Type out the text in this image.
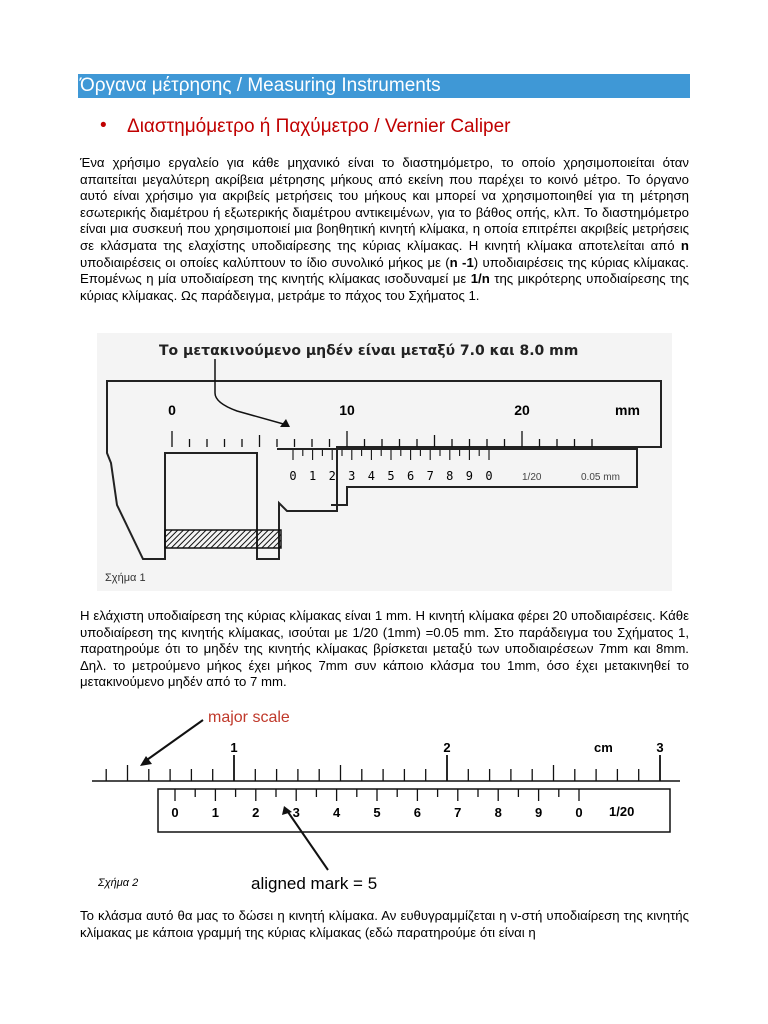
Όργανα μέτρησης / Measuring Instruments
• Διαστημόμετρο ή Παχύμετρο / Vernier Caliper
Ένα χρήσιμο εργαλείο για κάθε μηχανικό είναι το διαστημόμετρο, το οποίο χρησιμοποιείται όταν απαιτείται μεγαλύτερη ακρίβεια μέτρησης μήκους από εκείνη που παρέχει το κοινό μέτρο. Το όργανο αυτό είναι χρήσιμο για ακριβείς μετρήσεις του μήκους και μπορεί να χρησιμοποιηθεί για τη μέτρηση εσωτερικής διαμέτρου ή εξωτερικής διαμέτρου αντικειμένων, για το βάθος οπής, κλπ. Το διαστημόμετρο είναι μια συσκευή που χρησιμοποιεί μια βοηθητική κινητή κλίμακα, η οποία επιτρέπει ακριβείς μετρήσεις σε κλάσματα της ελαχίστης υποδιαίρεσης της κύριας κλίμακας. Η κινητή κλίμακα αποτελείται από n υποδιαιρέσεις οι οποίες καλύπτουν το ίδιο συνολικό μήκος με (n -1) υποδιαιρέσεις της κύριας κλίμακας. Επομένως η μία υποδιαίρεση της κινητής κλίμακας ισοδυναμεί με 1/n της μικρότερης υποδιαίρεσης της κύριας κλίμακας. Ως παράδειγμα, μετράμε το πάχος του Σχήματος 1.
0	10	20
0 1 2 3 4 5 6 7 8 9 0
mm
1/20	0.05 mm
Το μετακινούμενο μηδέν είναι μεταξύ 7.0 και 8.0 mm
Σχήμα 1
Η ελάχιστη υποδιαίρεση της κύριας κλίμακας είναι 1 mm. Η κινητή κλίμακα φέρει 20 υποδιαιρέσεις. Κάθε υποδιαίρεση της κινητής κλίμακας, ισούται με 1/20 (1mm) =0.05 mm. Στο παράδειγμα του Σχήματος 1, παρατηρούμε ότι το μηδέν της κινητής κλίμακας βρίσκεται μεταξύ των υποδιαιρέσεων 7mm και 8mm. Δηλ. το μετρούμενο μήκος έχει μήκος 7mm συν κάποιο κλάσμα του 1mm, όσο έχει μετακινηθεί το μετακινούμενο μηδέν από το 7 mm.
1	2	3
0	1	2	3	4	5	6	7	8	9	0
cm
1/20
major scale
aligned mark = 5
Σχήμα 2
Το κλάσμα αυτό θα μας το δώσει η κινητή κλίμακα. Αν ευθυγραμμίζεται η ν-στή υποδιαίρεση της κινητής κλίμακας με κάποια γραμμή της κύριας κλίμακας (εδώ παρατηρούμε ότι είναι η
